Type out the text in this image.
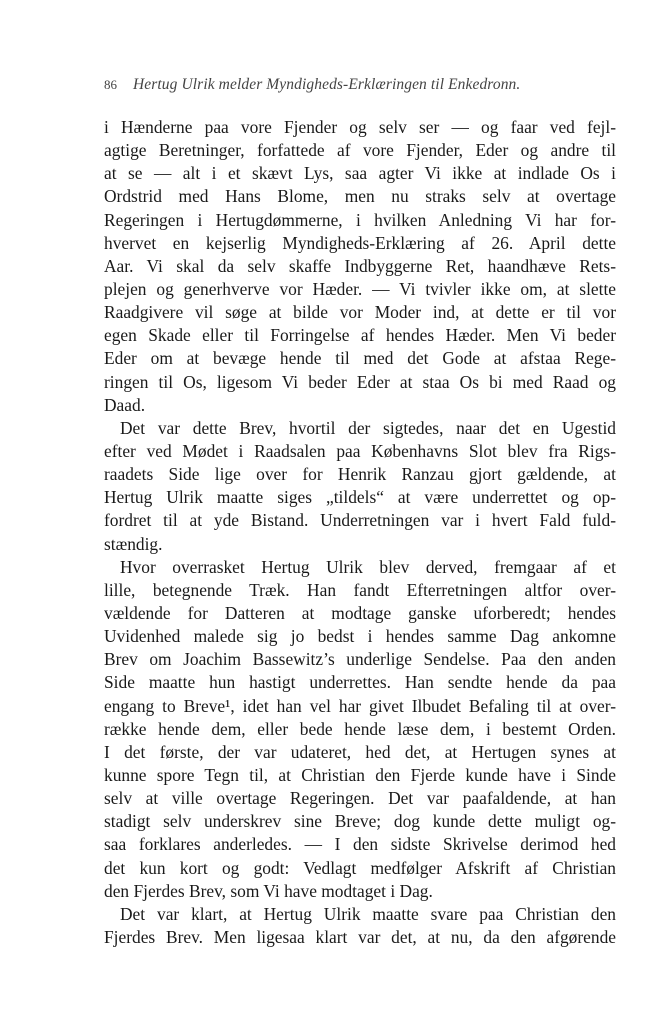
86 Hertug Ulrik melder Myndigheds-Erklæringen til Enkedronn.
i Hænderne paa vore Fjender og selv ser — og faar ved fejl-
agtige Beretninger, forfattede af vore Fjender, Eder og andre til
at se — alt i et skævt Lys, saa agter Vi ikke at indlade Os i
Ordstrid med Hans Blome, men nu straks selv at overtage
Regeringen i Hertugdømmerne, i hvilken Anledning Vi har for-
hvervet en kejserlig Myndigheds-Erklæring af 26. April dette
Aar. Vi skal da selv skaffe Indbyggerne Ret, haandhæve Rets-
plejen og generhverve vor Hæder. — Vi tvivler ikke om, at slette
Raadgivere vil søge at bilde vor Moder ind, at dette er til vor
egen Skade eller til Forringelse af hendes Hæder. Men Vi beder
Eder om at bevæge hende til med det Gode at afstaa Rege-
ringen til Os, ligesom Vi beder Eder at staa Os bi med Raad og
Daad.
Det var dette Brev, hvortil der sigtedes, naar det en Ugestid
efter ved Mødet i Raadsalen paa Københavns Slot blev fra Rigs-
raadets Side lige over for Henrik Ranzau gjort gældende, at
Hertug Ulrik maatte siges „tildels“ at være underrettet og op-
fordret til at yde Bistand. Underretningen var i hvert Fald fuld-
stændig.
Hvor overrasket Hertug Ulrik blev derved, fremgaar af et
lille, betegnende Træk. Han fandt Efterretningen altfor over-
vældende for Datteren at modtage ganske uforberedt; hendes
Uvidenhed malede sig jo bedst i hendes samme Dag ankomne
Brev om Joachim Bassewitz’s underlige Sendelse. Paa den anden
Side maatte hun hastigt underrettes. Han sendte hende da paa
engang to Breve¹, idet han vel har givet Ilbudet Befaling til at over-
række hende dem, eller bede hende læse dem, i bestemt Orden.
I det første, der var udateret, hed det, at Hertugen synes at
kunne spore Tegn til, at Christian den Fjerde kunde have i Sinde
selv at ville overtage Regeringen. Det var paafaldende, at han
stadigt selv underskrev sine Breve; dog kunde dette muligt og-
saa forklares anderledes. — I den sidste Skrivelse derimod hed
det kun kort og godt: Vedlagt medfølger Afskrift af Christian
den Fjerdes Brev, som Vi have modtaget i Dag.
Det var klart, at Hertug Ulrik maatte svare paa Christian den
Fjerdes Brev. Men ligesaa klart var det, at nu, da den afgørende
